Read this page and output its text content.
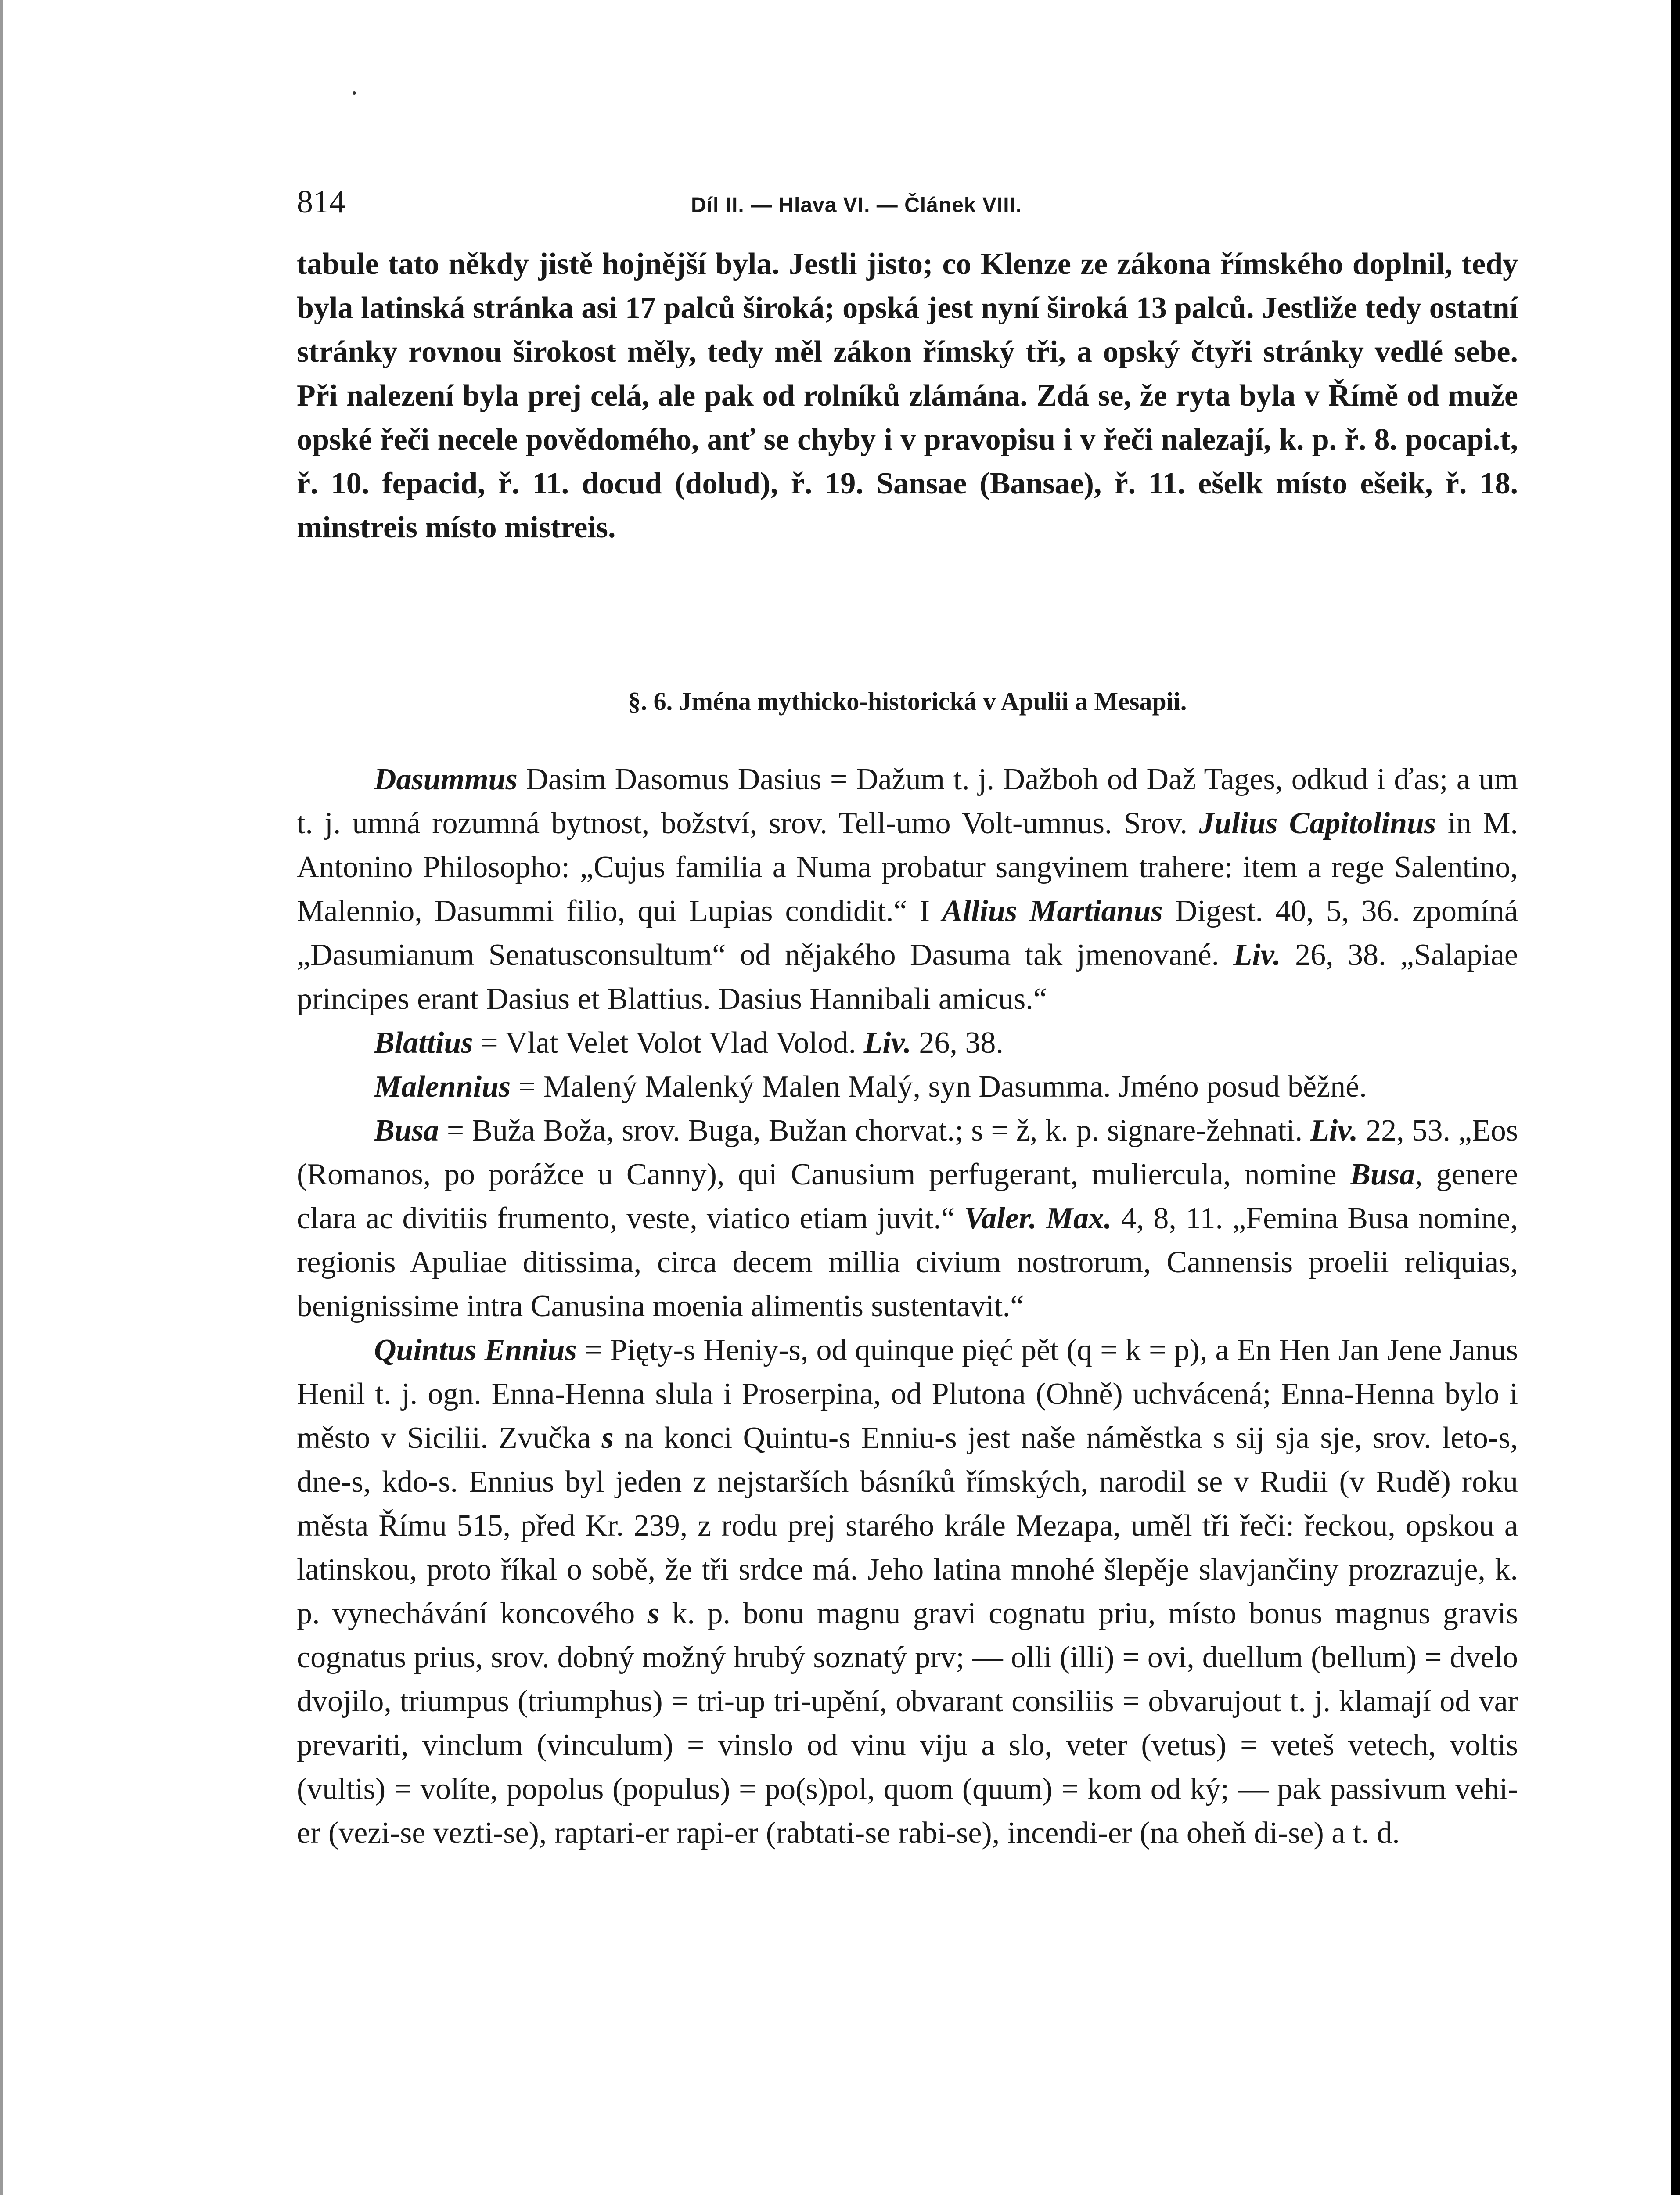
814	Díl II. — Hlava VI. — Článek VIII.

tabule tato někdy jistě hojnější byla. Jestli jisto; co Klenze ze zákona římského doplnil, tedy byla latinská stránka asi 17 palců široká; opská jest nyní široká 13 palců. Jestliže tedy ostatní stránky rovnou širokost měly, tedy měl zákon římský tři, a opský čtyři stránky vedlé sebe. Při nalezení byla prej celá, ale pak od rolníků zlámána. Zdá se, že ryta byla v Římě od muže opské řeči necele povědomého, anť se chyby i v pravopisu i v řeči nalezají, k. p. ř. 8. pocapi.t, ř. 10. fepacid, ř. 11. docud (dolud), ř. 19. Sansae (Bansae), ř. 11. ešelk místo ešeik, ř. 18. minstreis místo mistreis.

§. 6. Jména mythicko-historická v Apulii a Mesapii.

Dasummus Dasim Dasomus Dasius = Dažum t. j. Dažboh od Daž Tages, odkud i ďas; a um t. j. umná rozumná bytnost, božství, srov. Tell-umo Volt-umnus. Srov. Julius Capitolinus in M. Antonino Philosopho: „Cujus familia a Numa probatur sangvinem trahere: item a rege Salentino, Malennio, Dasummi filio, qui Lupias condidit.“ I Allius Martianus Digest. 40, 5, 36. zpomíná „Dasumianum Senatusconsultum“ od nějakého Dasuma tak jmenované. Liv. 26, 38. „Salapiae principes erant Dasius et Blattius. Dasius Hannibali amicus.“

Blattius = Vlat Velet Volot Vlad Volod. Liv. 26, 38.

Malennius = Malený Malenký Malen Malý, syn Dasumma. Jméno posud běžné.

Busa = Buža Boža, srov. Buga, Bužan chorvat.; s = ž, k. p. signare-žehnati. Liv. 22, 53. „Eos (Romanos, po porážce u Canny), qui Canusium perfugerant, muliercula, nomine Busa, genere clara ac divitiis frumento, veste, viatico etiam juvit.“ Valer. Max. 4, 8, 11. „Femina Busa nomine, regionis Apuliae ditissima, circa decem millia civium nostrorum, Cannensis proelii reliquias, benignissime intra Canusina moenia alimentis sustentavit.“

Quintus Ennius = Pięty-s Heniy-s, od quinque pięć pět (q = k = p), a En Hen Jan Jene Janus Henil t. j. ogn. Enna-Henna slula i Proserpina, od Plutona (Ohně) uchvácená; Enna-Henna bylo i město v Sicilii. Zvučka s na konci Quintu-s Enniu-s jest naše náměstka s sij sja sje, srov. leto-s, dne-s, kdo-s. Ennius byl jeden z nejstarších básníků římských, narodil se v Rudii (v Rudě) roku města Římu 515, před Kr. 239, z rodu prej starého krále Mezapa, uměl tři řeči: řeckou, opskou a latinskou, proto říkal o sobě, že tři srdce má. Jeho latina mnohé šlepěje slavjančiny prozrazuje, k. p. vynechávání koncového s k. p. bonu magnu gravi cognatu priu, místo bonus magnus gravis cognatus prius, srov. dobný možný hrubý soznatý prv; — olli (illi) = ovi, duellum (bellum) = dvelo dvojilo, triumpus (triumphus) = tri-up tri-upění, obvarant consiliis = obvarujout t. j. klamají od var prevariti, vinclum (vinculum) = vinslo od vinu viju a slo, veter (vetus) = veteš vetech, voltis (vultis) = volíte, popolus (populus) = po(s)pol, quom (quum) = kom od ký; — pak passivum vehi-er (vezi-se vezti-se), raptari-er rapi-er (rabtati-se rabi-se), incendi-er (na oheň di-se) a t. d.
